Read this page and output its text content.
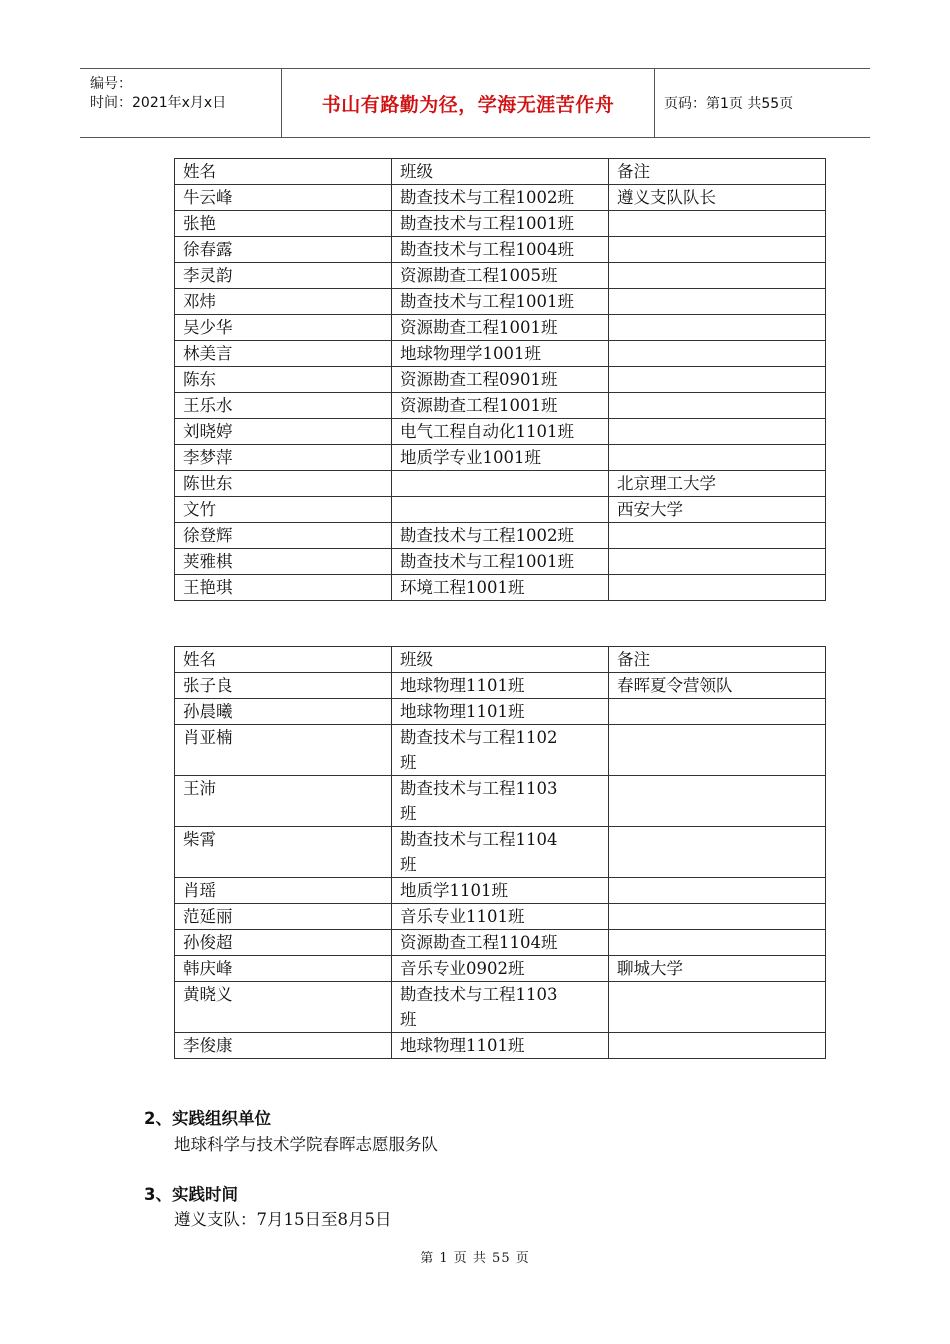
编号：
时间：2021年x月x日	书山有路勤为径，学海无涯苦作舟	页码：第1页 共55页
姓名	班级	备注
牛云峰	勘查技术与工程1002班	遵义支队队长
张艳	勘查技术与工程1001班	
徐春露	勘查技术与工程1004班	
李灵韵	资源勘查工程1005班	
邓炜	勘查技术与工程1001班	
吴少华	资源勘查工程1001班	
林美言	地球物理学1001班	
陈东	资源勘查工程0901班	
王乐水	资源勘查工程1001班	
刘晓婷	电气工程自动化1101班	
李梦萍	地质学专业1001班	
陈世东		北京理工大学
文竹		西安大学
徐登辉	勘查技术与工程1002班	
荚雅棋	勘查技术与工程1001班	
王艳琪	环境工程1001班	
姓名	班级	备注
张子良	地球物理1101班	春晖夏令营领队
孙晨曦	地球物理1101班	
肖亚楠	勘查技术与工程1102班	
王沛	勘查技术与工程1103班	
柴霄	勘查技术与工程1104班	
肖瑶	地质学1101班	
范延丽	音乐专业1101班	
孙俊超	资源勘查工程1104班	
韩庆峰	音乐专业0902班	聊城大学
黄晓义	勘查技术与工程1103班	
李俊康	地球物理1101班	
2、实践组织单位
地球科学与技术学院春晖志愿服务队
3、实践时间
遵义支队：7月15日至8月5日
第 1 页 共 55 页
